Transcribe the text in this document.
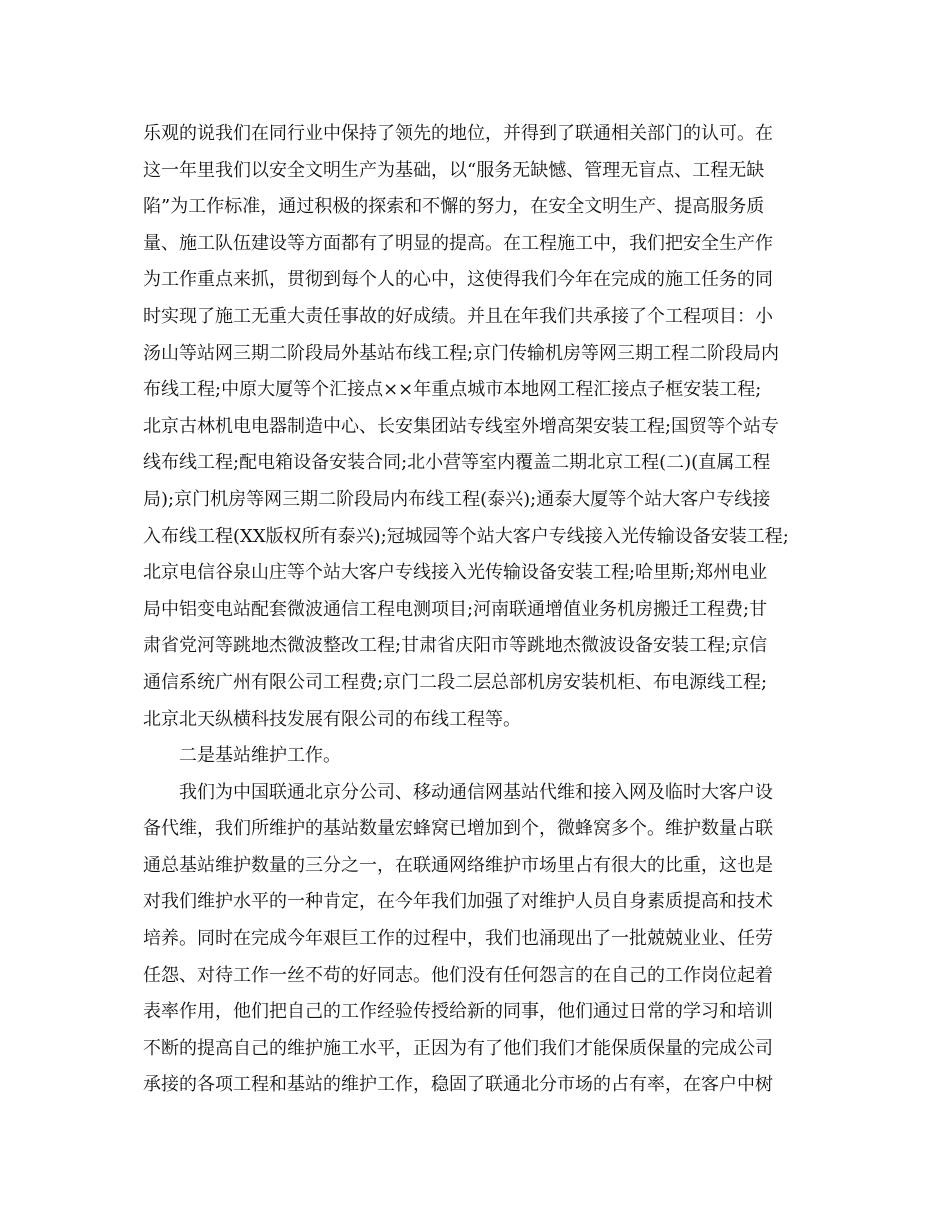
乐观的说我们在同行业中保持了领先的地位，并得到了联通相关部门的认可。在
这一年里我们以安全文明生产为基础，以“服务无缺憾、管理无盲点、工程无缺
陷”为工作标准，通过积极的探索和不懈的努力，在安全文明生产、提高服务质
量、施工队伍建设等方面都有了明显的提高。在工程施工中，我们把安全生产作
为工作重点来抓，贯彻到每个人的心中，这使得我们今年在完成的施工任务的同
时实现了施工无重大责任事故的好成绩。并且在年我们共承接了个工程项目：小
汤山等站网三期二阶段局外基站布线工程;京门传输机房等网三期工程二阶段局内
布线工程;中原大厦等个汇接点××年重点城市本地网工程汇接点子框安装工程;
北京古林机电电器制造中心、长安集团站专线室外增高架安装工程;国贸等个站专
线布线工程;配电箱设备安装合同;北小营等室内覆盖二期北京工程(二)(直属工程
局);京门机房等网三期二阶段局内布线工程(泰兴);通泰大厦等个站大客户专线接
入布线工程(XX版权所有泰兴);冠城园等个站大客户专线接入光传输设备安装工程;
北京电信谷泉山庄等个站大客户专线接入光传输设备安装工程;哈里斯;郑州电业
局中铝变电站配套微波通信工程电测项目;河南联通增值业务机房搬迁工程费;甘
肃省党河等跳地杰微波整改工程;甘肃省庆阳市等跳地杰微波设备安装工程;京信
通信系统广州有限公司工程费;京门二段二层总部机房安装机柜、布电源线工程;
北京北天纵横科技发展有限公司的布线工程等。
二是基站维护工作。
我们为中国联通北京分公司、移动通信网基站代维和接入网及临时大客户设
备代维，我们所维护的基站数量宏蜂窝已增加到个，微蜂窝多个。维护数量占联
通总基站维护数量的三分之一，在联通网络维护市场里占有很大的比重，这也是
对我们维护水平的一种肯定，在今年我们加强了对维护人员自身素质提高和技术
培养。同时在完成今年艰巨工作的过程中，我们也涌现出了一批兢兢业业、任劳
任怨、对待工作一丝不苟的好同志。他们没有任何怨言的在自己的工作岗位起着
表率作用，他们把自己的工作经验传授给新的同事，他们通过日常的学习和培训
不断的提高自己的维护施工水平，正因为有了他们我们才能保质保量的完成公司
承接的各项工程和基站的维护工作，稳固了联通北分市场的占有率，在客户中树
